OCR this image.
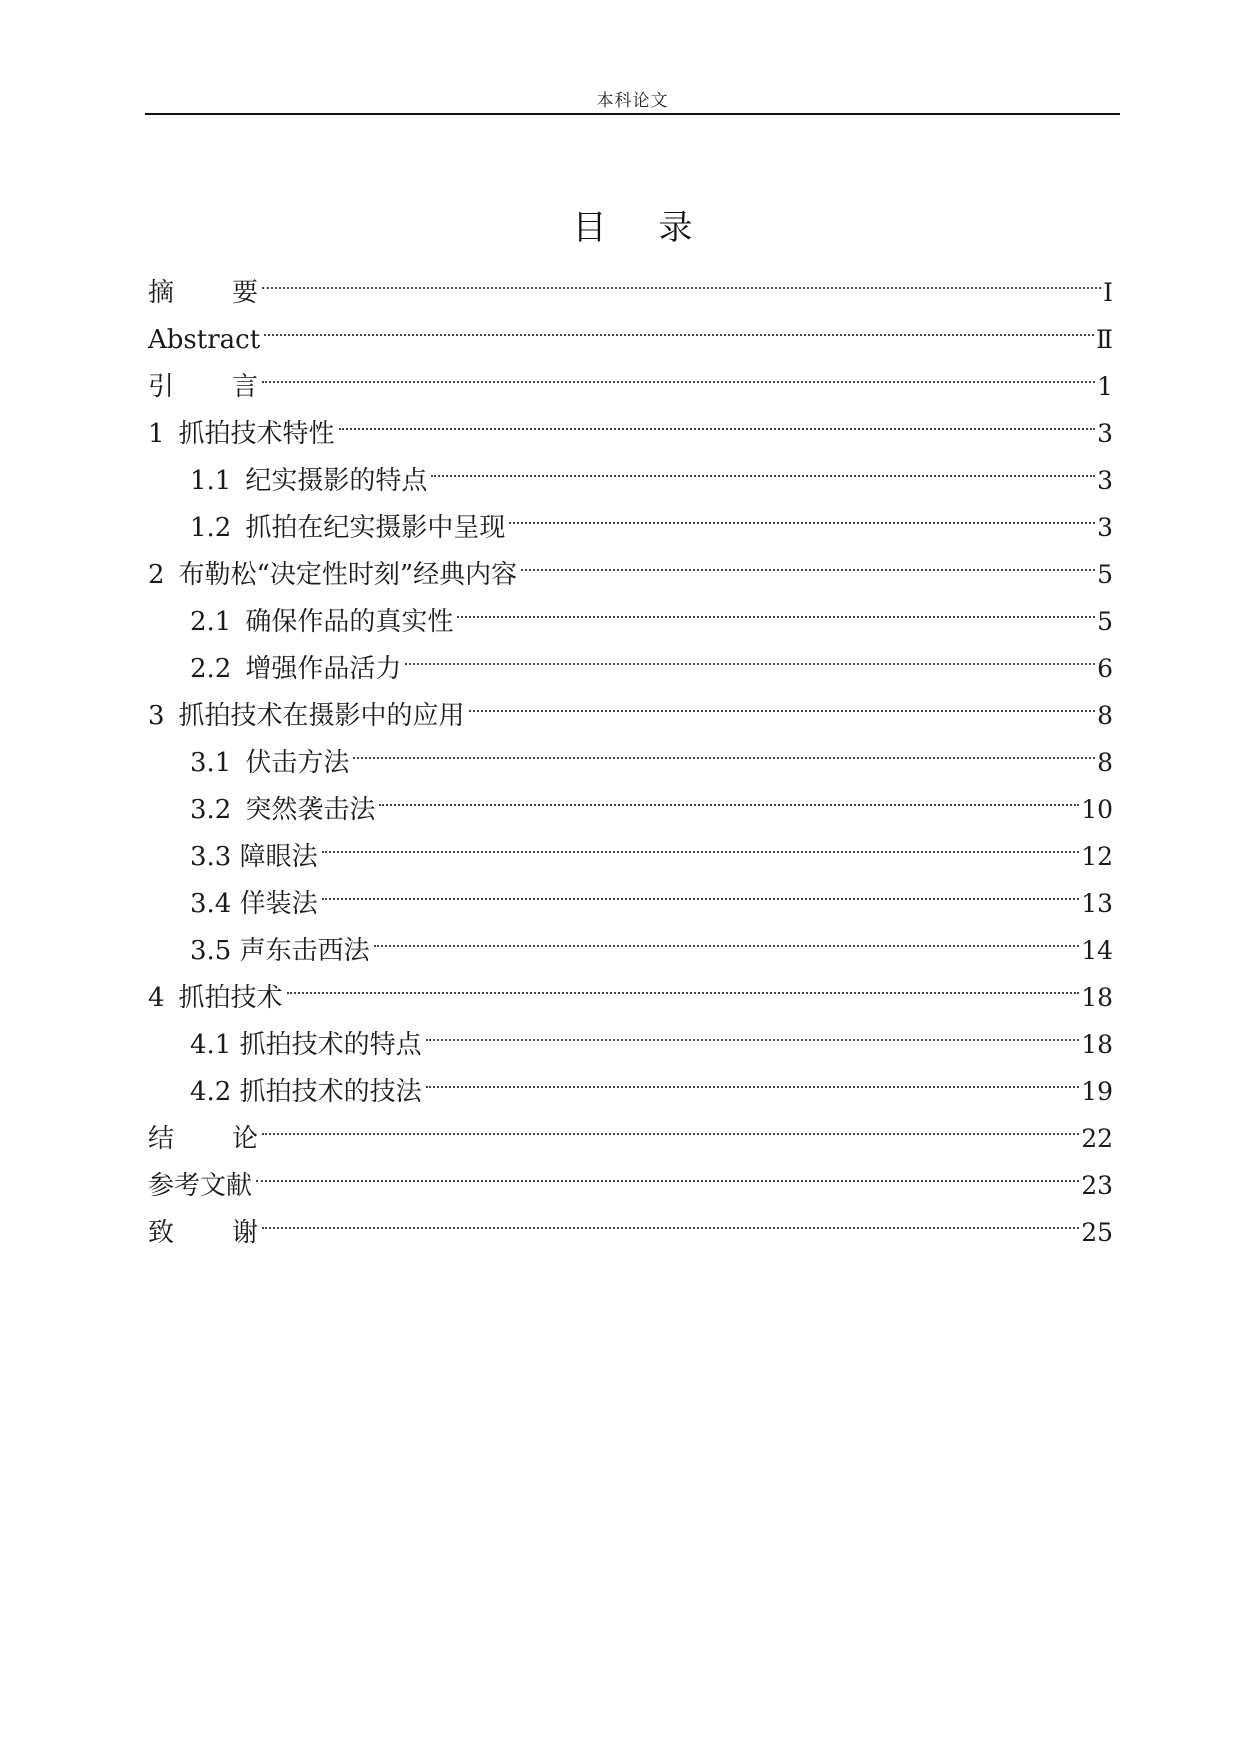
本科论文
目 录
摘 要	Ⅰ
Abstract	Ⅱ
引 言	1
1 抓拍技术特性	3
1.1 纪实摄影的特点	3
1.2 抓拍在纪实摄影中呈现	3
2 布勒松“决定性时刻”经典内容	5
2.1 确保作品的真实性	5
2.2 增强作品活力	6
3 抓拍技术在摄影中的应用	8
3.1 伏击方法	8
3.2 突然袭击法	10
3.3 障眼法	12
3.4 佯装法	13
3.5 声东击西法	14
4 抓拍技术	18
4.1 抓拍技术的特点	18
4.2 抓拍技术的技法	19
结 论	22
参考文献	23
致 谢	25
